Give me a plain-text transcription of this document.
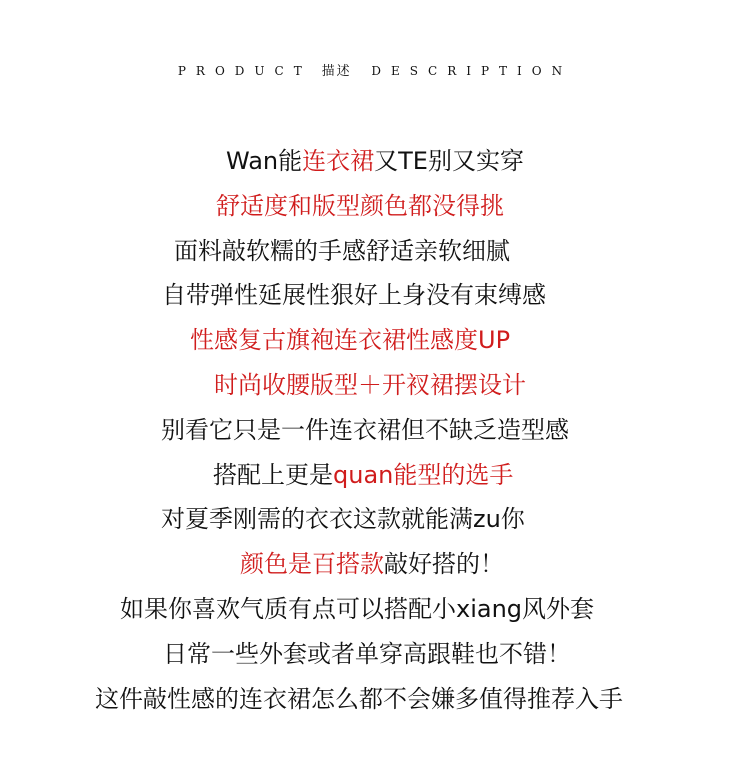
PRODUCT 描述 DESCRIPTION
Wan能连衣裙又TE别又实穿
舒适度和版型颜色都没得挑
面料敲软糯的手感舒适亲软细腻
自带弹性延展性狠好上身没有束缚感
性感复古旗袍连衣裙性感度UP
时尚收腰版型＋开衩裙摆设计
别看它只是一件连衣裙但不缺乏造型感
搭配上更是quan能型的选手
对夏季刚需的衣衣这款就能满zu你
颜色是百搭款敲好搭的！
如果你喜欢气质有点可以搭配小xiang风外套
日常一些外套或者单穿高跟鞋也不错！
这件敲性感的连衣裙怎么都不会嫌多值得推荐入手
